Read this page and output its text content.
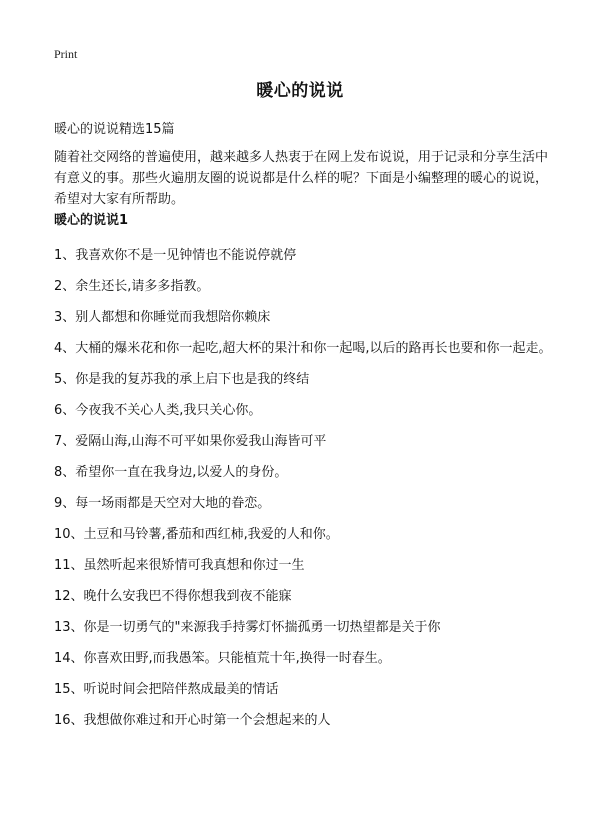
Print
暖心的说说
暖心的说说精选15篇

随着社交网络的普遍使用，越来越多人热衷于在网上发布说说，用于记录和分享生活中有意义的事。那些火遍朋友圈的说说都是什么样的呢？下面是小编整理的暖心的说说，希望对大家有所帮助。

暖心的说说1
1、我喜欢你不是一见钟情也不能说停就停
2、余生还长,请多多指教。
3、别人都想和你睡觉而我想陪你赖床
4、大桶的爆米花和你一起吃,超大杯的果汁和你一起喝,以后的路再长也要和你一起走。
5、你是我的复苏我的承上启下也是我的终结
6、今夜我不关心人类,我只关心你。
7、爱隔山海,山海不可平如果你爱我山海皆可平
8、希望你一直在我身边,以爱人的身份。
9、每一场雨都是天空对大地的眷恋。
10、土豆和马铃薯,番茄和西红柿,我爱的人和你。
11、虽然听起来很矫情可我真想和你过一生
12、晚什么安我巴不得你想我到夜不能寐
13、你是一切勇气的"来源我手持雾灯怀揣孤勇一切热望都是关于你
14、你喜欢田野,而我愚笨。只能植荒十年,换得一时春生。
15、听说时间会把陪伴熬成最美的情话
16、我想做你难过和开心时第一个会想起来的人
